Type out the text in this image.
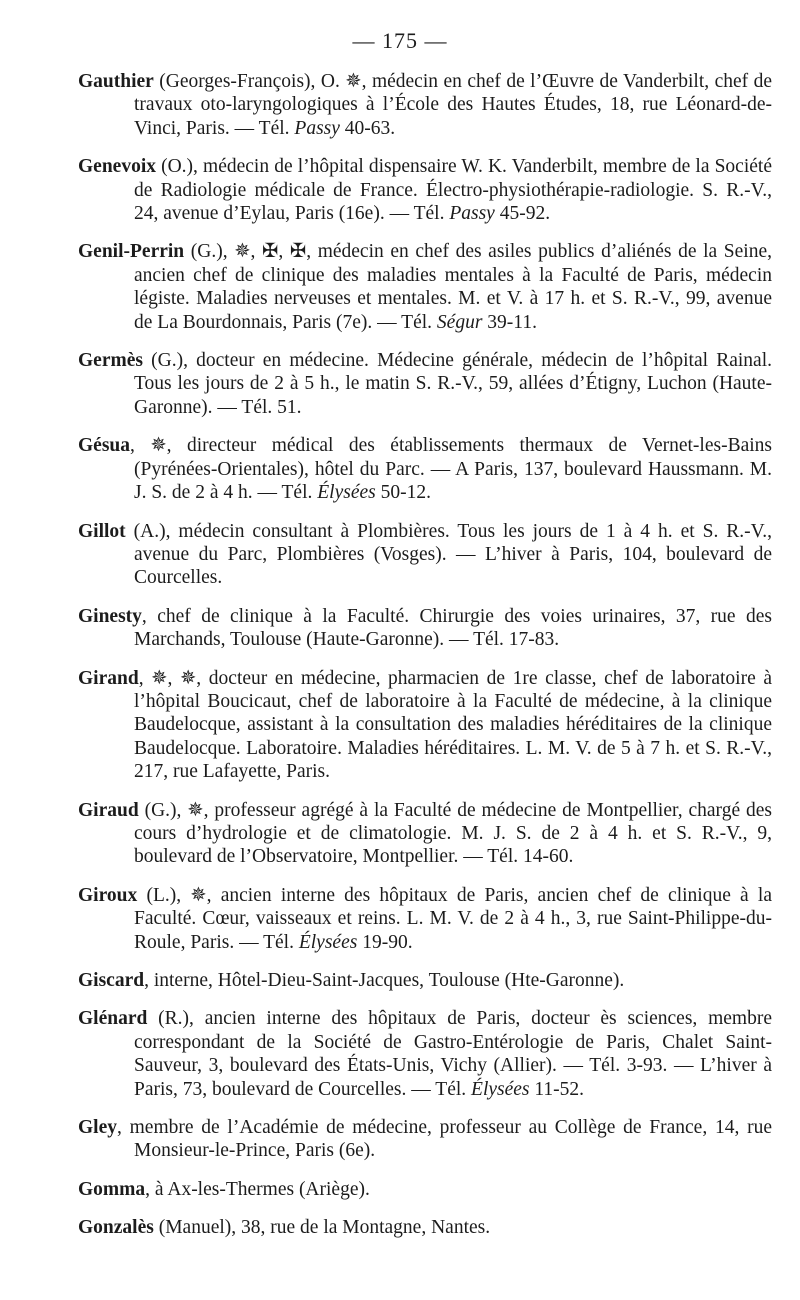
— 175 —

Gauthier (Georges-François), O. ✵, médecin en chef de l’Œuvre de Vanderbilt, chef de travaux oto-laryngologiques à l’École des Hautes Études, 18, rue Léonard-de-Vinci, Paris. — Tél. Passy 40-63.

Genevoix (O.), médecin de l’hôpital dispensaire W. K. Vanderbilt, membre de la Société de Radiologie médicale de France. Électro-physiothérapie-radiologie. S. R.-V., 24, avenue d’Eylau, Paris (16e). — Tél. Passy 45-92.

Genil-Perrin (G.), ✵, ✠, ✠, médecin en chef des asiles publics d’aliénés de la Seine, ancien chef de clinique des maladies mentales à la Faculté de Paris, médecin légiste. Maladies nerveuses et mentales. M. et V. à 17 h. et S. R.-V., 99, avenue de La Bourdonnais, Paris (7e). — Tél. Ségur 39-11.

Germès (G.), docteur en médecine. Médecine générale, médecin de l’hôpital Rainal. Tous les jours de 2 à 5 h., le matin S. R.-V., 59, allées d’Étigny, Luchon (Haute-Garonne). — Tél. 51.

Gésua, ✵, directeur médical des établissements thermaux de Vernet-les-Bains (Pyrénées-Orientales), hôtel du Parc. — A Paris, 137, boulevard Haussmann. M. J. S. de 2 à 4 h. — Tél. Élysées 50-12.

Gillot (A.), médecin consultant à Plombières. Tous les jours de 1 à 4 h. et S. R.-V., avenue du Parc, Plombières (Vosges). — L’hiver à Paris, 104, boulevard de Courcelles.

Ginesty, chef de clinique à la Faculté. Chirurgie des voies urinaires, 37, rue des Marchands, Toulouse (Haute-Garonne). — Tél. 17-83.

Girand, ✵, ✵, docteur en médecine, pharmacien de 1re classe, chef de laboratoire à l’hôpital Boucicaut, chef de laboratoire à la Faculté de médecine, à la clinique Baudelocque, assistant à la consultation des maladies héréditaires de la clinique Baudelocque. Laboratoire. Maladies héréditaires. L. M. V. de 5 à 7 h. et S. R.-V., 217, rue Lafayette, Paris.

Giraud (G.), ✵, professeur agrégé à la Faculté de médecine de Montpellier, chargé des cours d’hydrologie et de climatologie. M. J. S. de 2 à 4 h. et S. R.-V., 9, boulevard de l’Observatoire, Montpellier. — Tél. 14-60.

Giroux (L.), ✵, ancien interne des hôpitaux de Paris, ancien chef de clinique à la Faculté. Cœur, vaisseaux et reins. L. M. V. de 2 à 4 h., 3, rue Saint-Philippe-du-Roule, Paris. — Tél. Élysées 19-90.

Giscard, interne, Hôtel-Dieu-Saint-Jacques, Toulouse (Hte-Garonne).

Glénard (R.), ancien interne des hôpitaux de Paris, docteur ès sciences, membre correspondant de la Société de Gastro-Entérologie de Paris, Chalet Saint-Sauveur, 3, boulevard des États-Unis, Vichy (Allier). — Tél. 3-93. — L’hiver à Paris, 73, boulevard de Courcelles. — Tél. Élysées 11-52.

Gley, membre de l’Académie de médecine, professeur au Collège de France, 14, rue Monsieur-le-Prince, Paris (6e).

Gomma, à Ax-les-Thermes (Ariège).

Gonzalès (Manuel), 38, rue de la Montagne, Nantes.
